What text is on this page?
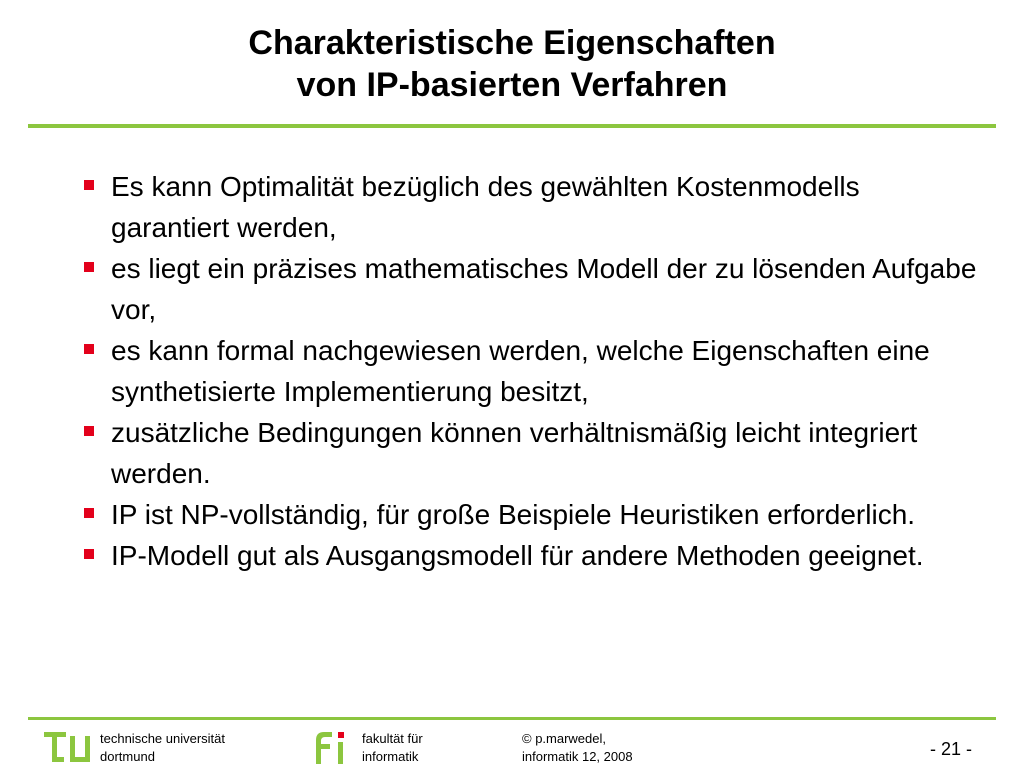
Charakteristische Eigenschaften
von IP-basierten Verfahren
Es kann Optimalität bezüglich des gewählten Kostenmodells garantiert werden,
es liegt ein präzises mathematisches Modell der zu lösenden Aufgabe vor,
es kann formal nachgewiesen werden, welche Eigenschaften eine synthetisierte Implementierung besitzt,
zusätzliche Bedingungen können verhältnismäßig leicht integriert werden.
IP ist NP-vollständig, für große Beispiele Heuristiken erforderlich.
IP-Modell gut als Ausgangsmodell für andere Methoden geeignet.
technische universität
dortmund
fakultät für
informatik
© p.marwedel,
informatik 12, 2008	- 21 -
